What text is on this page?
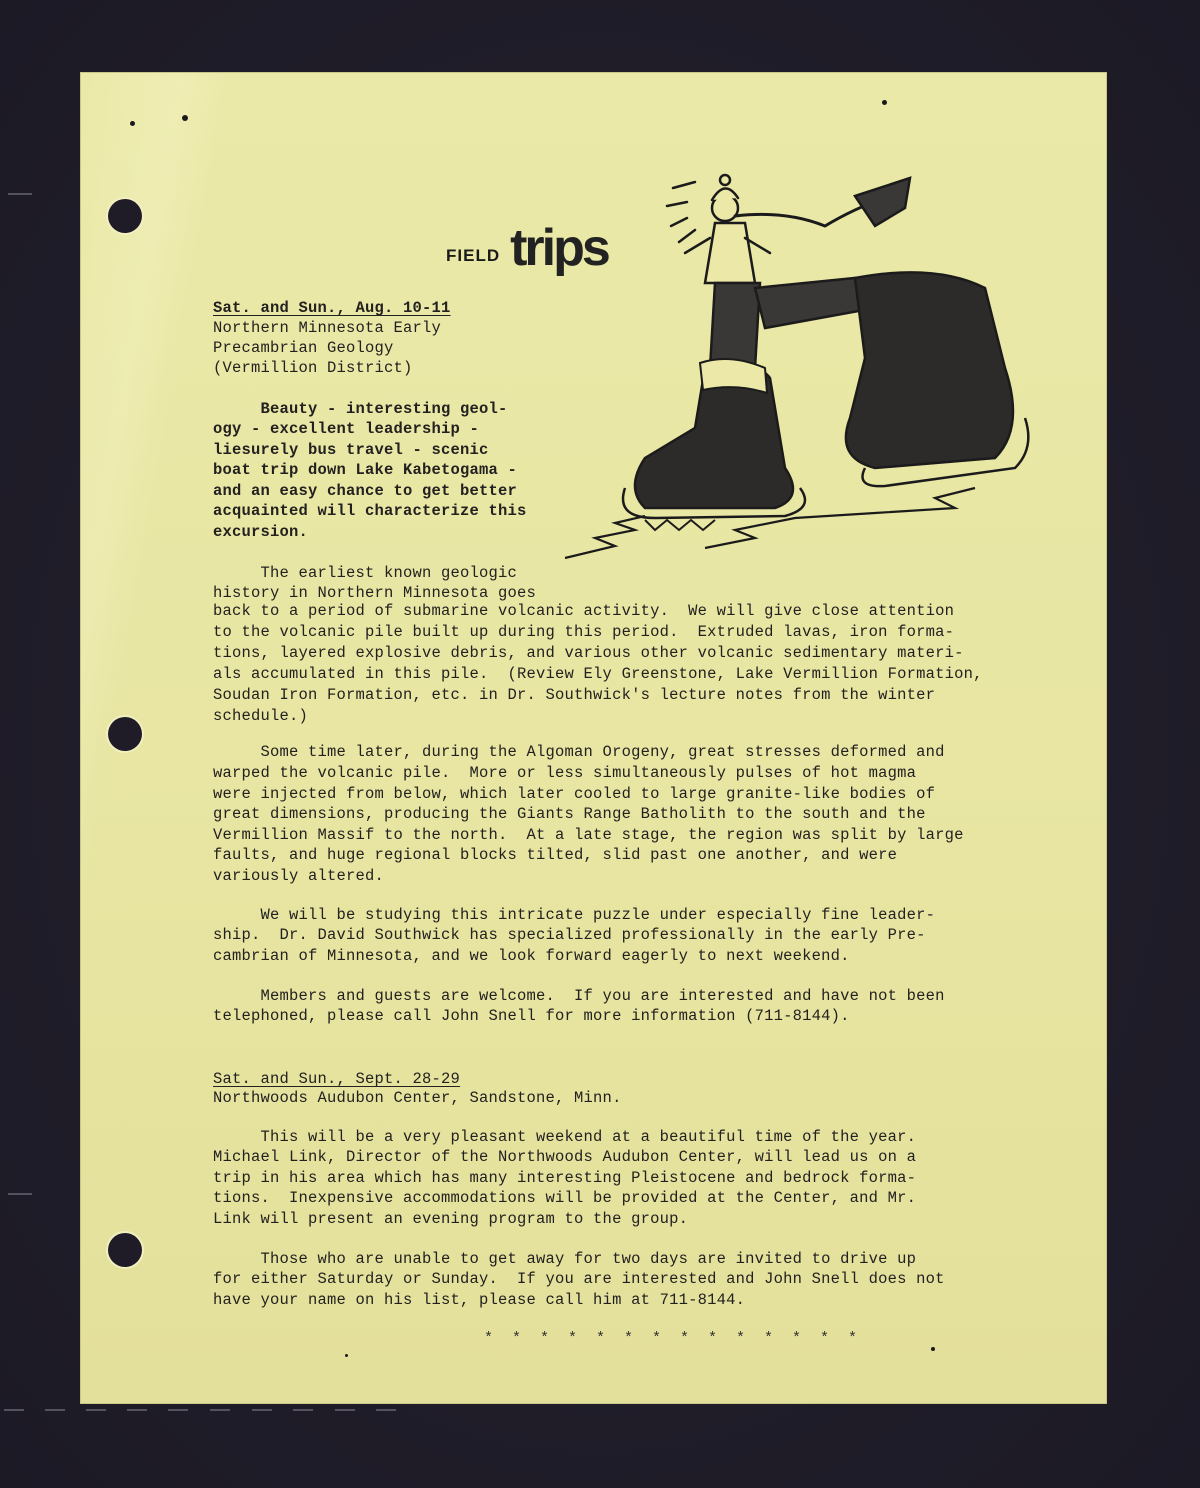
FIELD trips
Sat. and Sun., Aug. 10-11
Northern Minnesota Early
Precambrian Geology
(Vermillion District)
Beauty - interesting geol-
ogy - excellent leadership -
liesurely bus travel - scenic
boat trip down Lake Kabetogama -
and an easy chance to get better
acquainted will characterize this
excursion.
The earliest known geologic
history in Northern Minnesota goes
back to a period of submarine volcanic activity.  We will give close attention
to the volcanic pile built up during this period.  Extruded lavas, iron forma-
tions, layered explosive debris, and various other volcanic sedimentary materi-
als accumulated in this pile.  (Review Ely Greenstone, Lake Vermillion Formation,
Soudan Iron Formation, etc. in Dr. Southwick's lecture notes from the winter
schedule.)
Some time later, during the Algoman Orogeny, great stresses deformed and
warped the volcanic pile.  More or less simultaneously pulses of hot magma
were injected from below, which later cooled to large granite-like bodies of
great dimensions, producing the Giants Range Batholith to the south and the
Vermillion Massif to the north.  At a late stage, the region was split by large
faults, and huge regional blocks tilted, slid past one another, and were
variously altered.
We will be studying this intricate puzzle under especially fine leader-
ship.  Dr. David Southwick has specialized professionally in the early Pre-
cambrian of Minnesota, and we look forward eagerly to next weekend.
Members and guests are welcome.  If you are interested and have not been
telephoned, please call John Snell for more information (711-8144).
Sat. and Sun., Sept. 28-29
Northwoods Audubon Center, Sandstone, Minn.
This will be a very pleasant weekend at a beautiful time of the year.
Michael Link, Director of the Northwoods Audubon Center, will lead us on a
trip in his area which has many interesting Pleistocene and bedrock forma-
tions.  Inexpensive accommodations will be provided at the Center, and Mr.
Link will present an evening program to the group.
Those who are unable to get away for two days are invited to drive up
for either Saturday or Sunday.  If you are interested and John Snell does not
have your name on his list, please call him at 711-8144.
* * * * * * * * * * * * * *
